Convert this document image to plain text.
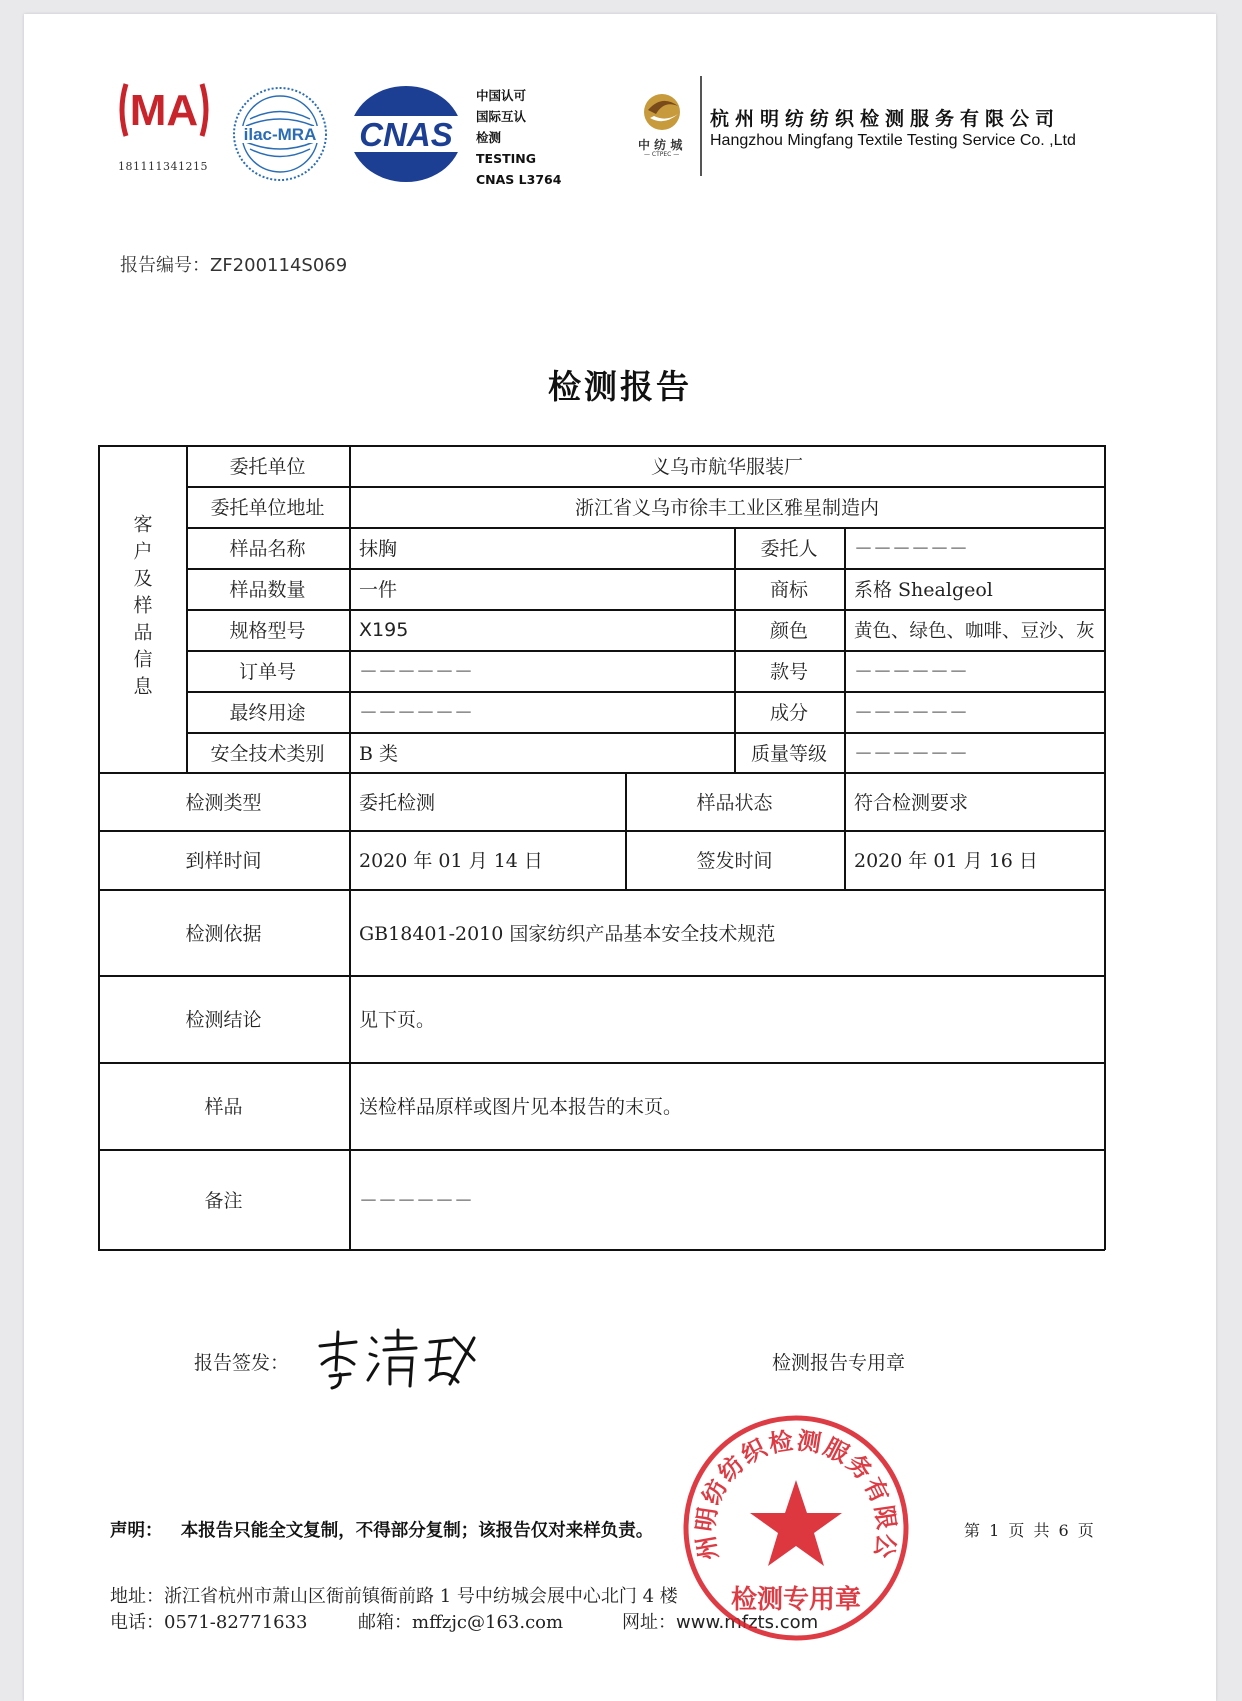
MA
181111341215
ilac-MRA CNAS
中国认可
国际互认
检测
TESTING
CNAS L3764
中 纺 城
— CTPEC —
杭州明纺纺织检测服务有限公司
Hangzhou Mingfang Textile Testing Service Co. ,Ltd
报告编号：ZF200114S069
检测报告
客户及样品信息
委托单位	义乌市航华服装厂
委托单位地址	浙江省义乌市徐丰工业区雅星制造内
样品名称	抹胸	委托人	－－－－－－
样品数量	一件	商标	系格 Shealgeol
规格型号	X195	颜色	黄色、绿色、咖啡、豆沙、灰
订单号	－－－－－－	款号	－－－－－－
最终用途	－－－－－－	成分	－－－－－－
安全技术类别	B 类	质量等级	－－－－－－
检测类型	委托检测	样品状态	符合检测要求
到样时间	2020 年 01 月 14 日	签发时间	2020 年 01 月 16 日
检测依据	GB18401-2010 国家纺织产品基本安全技术规范
检测结论	见下页。
样品	送检样品原样或图片见本报告的末页。
备注	－－－－－－
报告签发：	检测报告专用章
声明： 本报告只能全文复制，不得部分复制；该报告仅对来样负责。	第 1 页 共 6 页
地址：浙江省杭州市萧山区衙前镇衙前路 1 号中纺城会展中心北门 4 楼
电话：0571-82771633	邮箱：mffzjc@163.com	网址：www.mfzts.com
州明纺纺织检测服务有限公
检测专用章
